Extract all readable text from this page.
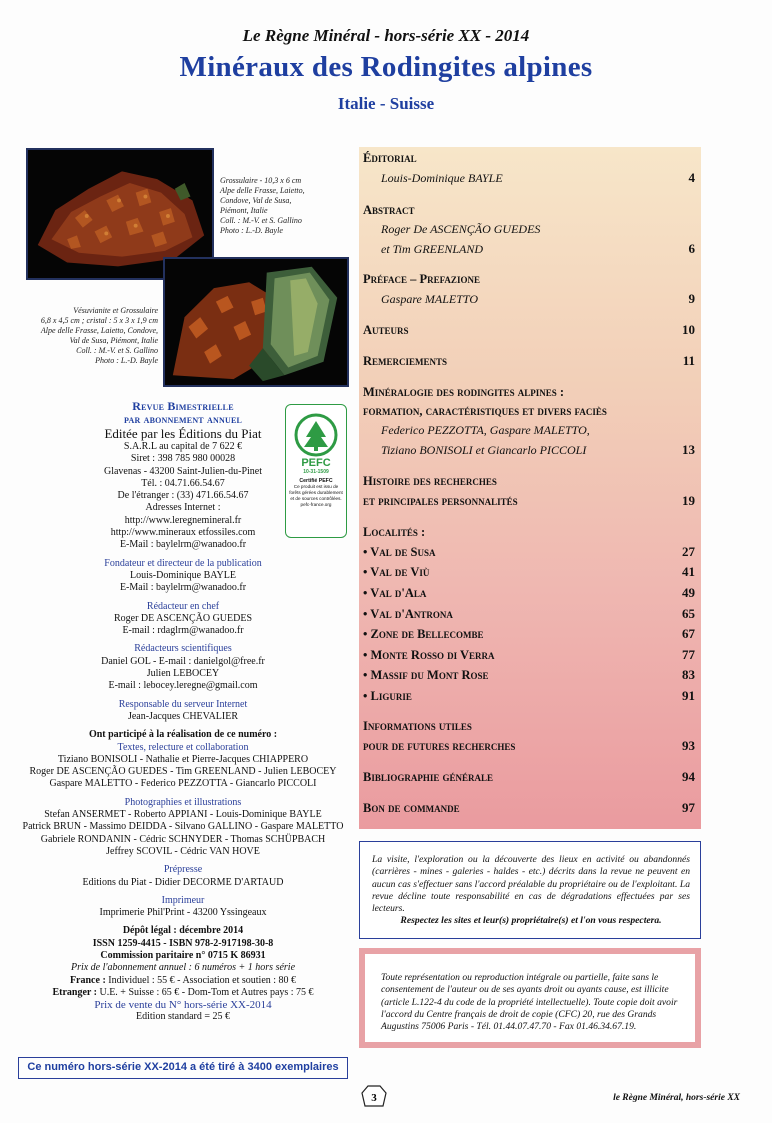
Le Règne Minéral - hors-série XX - 2014
Minéraux des Rodingites alpines
Italie - Suisse

Grossulaire - 10,3 x 6 cm

Alpe delle Frasse, Laietto,

Condove, Val de Susa,

Piémont, Italie

Coll. : M.-V. et S. Gallino

Photo : L.-D. Bayle

Vésuvianite et Grossulaire

6,8 x 4,5 cm ; cristal : 5 x 3 x 1,9 cm

Alpe delle Frasse, Laietto, Condove,

Val de Susa, Piémont, Italie

Coll. : M.-V. et S. Gallino

Photo : L.-D. Bayle

Revue Bimestrielle
par abonnement annuel
Editée par les Éditions du Piat
S.A.R.L au capital de 7 622 €
Siret : 398 785 980 00028
Glavenas - 43200 Saint-Julien-du-Pinet
Tél. : 04.71.66.54.67
De l'étranger : (33) 471.66.54.67
Adresses Internet :
http://www.leregnemineral.fr
http://www.mineraux etfossiles.com
E-Mail : baylelrm@wanadoo.fr
Fondateur et directeur de la publication
Louis-Dominique BAYLE
E-Mail : baylelrm@wanadoo.fr
Rédacteur en chef
Roger DE ASCENÇÃO GUEDES
E-mail : rdaglrm@wanadoo.fr
Rédacteurs scientifiques
Daniel GOL - E-mail : danielgol@free.fr
Julien LEBOCEY
E-mail : lebocey.leregne@gmail.com
Responsable du serveur Internet
Jean-Jacques CHEVALIER
Ont participé à la réalisation de ce numéro :
Textes, relecture et collaboration
Tiziano BONISOLI - Nathalie et Pierre-Jacques CHIAPPERO
Roger DE ASCENÇÃO GUEDES - Tim GREENLAND - Julien LEBOCEY
Gaspare MALETTO - Federico PEZZOTTA - Giancarlo PICCOLI
Photographies et illustrations
Stefan ANSERMET - Roberto APPIANI - Louis-Dominique BAYLE
Patrick BRUN - Massimo DEIDDA - Silvano GALLINO - Gaspare MALETTO
Gabriele RONDANIN - Cédric SCHNYDER - Thomas SCHÜPBACH
Jeffrey SCOVIL - Cédric VAN HOVE
Prépresse
Editions du Piat - Didier DECORME D'ARTAUD
Imprimeur
Imprimerie Phil'Print - 43200 Yssingeaux
Dépôt légal : décembre 2014
ISSN 1259-4415 - ISBN 978-2-917198-30-8
Commission paritaire n° 0715 K 86931
Prix de l'abonnement annuel : 6 numéros + 1 hors série
France : Individuel : 55 € - Association et soutien : 80 €
Etranger : U.E. + Suisse : 65 € - Dom-Tom et Autres pays : 75 €
Prix de vente du N° hors-série XX-2014
Edition standard = 25 €
PEFC
10-31-1509
Certifié PEFC
Ce produit est issu de forêts gérées durablement et de sources contrôlées.
pefc-france.org
Ce numéro hors-série XX-2014 a été tiré à 3400 exemplaires
Éditorial
Louis-Dominique BAYLE	4
Abstract
Roger De ASCENÇÃO GUEDES
et Tim GREENLAND	6
Préface – Prefazione
Gaspare MALETTO	9
Auteurs	10
Remerciements	11
Minéralogie des rodingites alpines :
formation, caractéristiques et divers faciès
Federico PEZZOTTA, Gaspare MALETTO,
Tiziano BONISOLI et Giancarlo PICCOLI	13
Histoire des recherches
et principales personnalités	19
Localités :
• Val de Susa	27
• Val de Viù	41
• Val d'Ala	49
• Val d'Antrona	65
• Zone de Bellecombe	67
• Monte Rosso di Verra	77
• Massif du Mont Rose	83
• Ligurie	91
Informations utiles
pour de futures recherches	93
Bibliographie générale	94
Bon de commande	97
La visite, l'exploration ou la découverte des lieux en activité ou abandonnés (carrières - mines - galeries - haldes - etc.) décrits dans la revue ne peuvent en aucun cas s'effectuer sans l'accord préalable du propriétaire ou de l'exploitant. La revue décline toute responsabilité en cas de dégradations effectuées par ses lecteurs.
Respectez les sites et leur(s) propriétaire(s) et l'on vous respectera.
Toute représentation ou reproduction intégrale ou partielle, faite sans le consentement de l'auteur ou de ses ayants droit ou ayants cause, est illicite (article L.122-4 du code de la propriété intellectuelle). Toute copie doit avoir l'accord du Centre français de droit de copie (CFC) 20, rue des Grands Augustins 75006 Paris - Tél. 01.44.07.47.70 - Fax 01.46.34.67.19.
3	le Règne Minéral, hors-série XX
